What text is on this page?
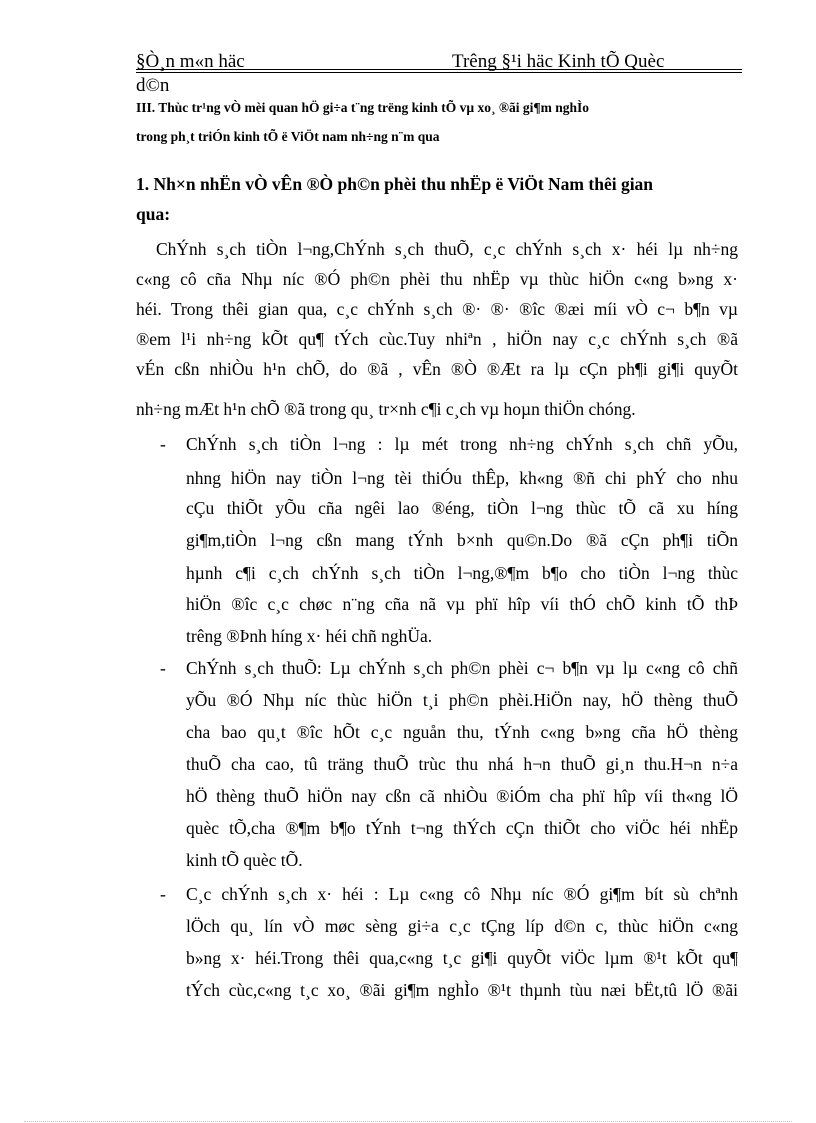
§Ò¸n m«n häc	Trêng §¹i häc Kinh tÕ Quèc
d©n
III. Thùc tr¹ng vÒ mèi quan hÖ gi÷a t¨ng trëng kinh tÕ vµ xo¸ ®ãi gi¶m nghÌo
trong ph¸t triÓn kinh tÕ ë ViÖt nam nh÷ng n¨m qua
1. Nh×n nhËn vÒ vÊn ®Ò ph©n phèi thu nhËp ë ViÖt Nam thêi gian
qua:
ChÝnh s¸ch tiÒn l¬ng,ChÝnh s¸ch thuÕ, c¸c chÝnh s¸ch x· héi lµ nh÷ng
c«ng cô cña Nhµ níc ®Ó ph©n phèi thu nhËp vµ thùc hiÖn c«ng b»ng x·
héi. Trong thêi gian qua, c¸c chÝnh s¸ch ®· ®· ®îc ®æi míi vÒ c¬ b¶n vµ
®em l¹i nh÷ng kÕt qu¶ tÝch cùc.Tuy nhiªn , hiÖn nay c¸c chÝnh s¸ch ®ã
vÉn cßn nhiÒu h¹n chÕ, do ®ã , vÊn ®Ò ®Æt ra lµ cÇn ph¶i gi¶i quyÕt
nh÷ng mÆt h¹n chÕ ®ã trong qu¸ tr×nh c¶i c¸ch vµ hoµn thiÖn chóng.
- ChÝnh s¸ch tiÒn l¬ng : lµ mét trong nh÷ng chÝnh s¸ch chñ yÕu,
nhng hiÖn nay tiÒn l¬ng tèi thiÓu thÊp, kh«ng ®ñ chi phÝ cho nhu
cÇu thiÕt yÕu cña ngêi lao ®éng, tiÒn l¬ng thùc tÕ cã xu híng
gi¶m,tiÒn l¬ng cßn mang tÝnh b×nh qu©n.Do ®ã cÇn ph¶i tiÕn
hµnh c¶i c¸ch chÝnh s¸ch tiÒn l¬ng,®¶m b¶o cho tiÒn l¬ng thùc
hiÖn ®îc c¸c chøc n¨ng cña nã vµ phï hîp víi thÓ chÕ kinh tÕ thÞ
trêng ®Þnh híng x· héi chñ nghÜa.
- ChÝnh s¸ch thuÕ: Lµ chÝnh s¸ch ph©n phèi c¬ b¶n vµ lµ c«ng cô chñ
yÕu ®Ó Nhµ níc thùc hiÖn t¸i ph©n phèi.HiÖn nay, hÖ thèng thuÕ
cha bao qu¸t ®îc hÕt c¸c nguån thu, tÝnh c«ng b»ng cña hÖ thèng
thuÕ cha cao, tû träng thuÕ trùc thu nhá h¬n thuÕ gi¸n thu.H¬n n÷a
hÖ thèng thuÕ hiÖn nay cßn cã nhiÒu ®iÓm cha phï hîp víi th«ng lÖ
quèc tÕ,cha ®¶m b¶o tÝnh t¬ng thÝch cÇn thiÕt cho viÖc héi nhËp
kinh tÕ quèc tÕ.
- C¸c chÝnh s¸ch x· héi : Lµ c«ng cô Nhµ níc ®Ó gi¶m bít sù chªnh
lÖch qu¸ lín vÒ møc sèng gi÷a c¸c tÇng líp d©n c, thùc hiÖn c«ng
b»ng x· héi.Trong thêi qua,c«ng t¸c gi¶i quyÕt viÖc lµm ®¹t kÕt qu¶
tÝch cùc,c«ng t¸c xo¸ ®ãi gi¶m nghÌo ®¹t thµnh tùu næi bËt,tû lÖ ®ãi
